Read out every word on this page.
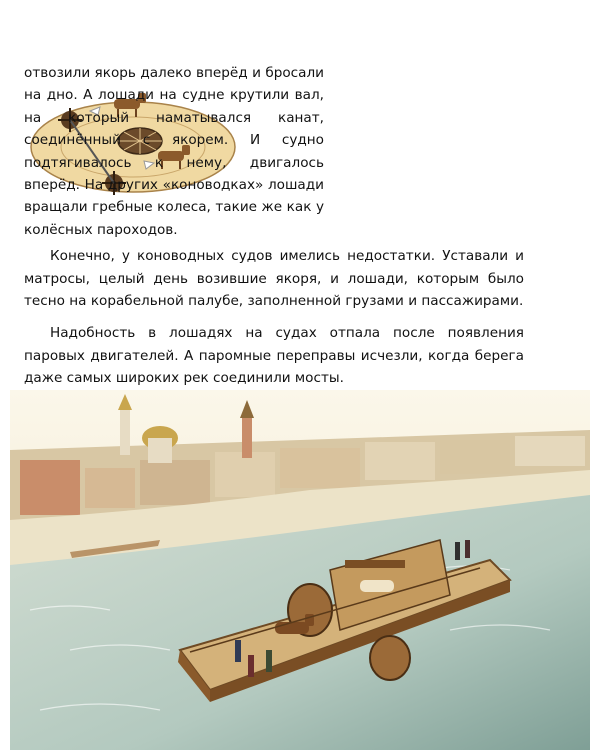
отвозили якорь далеко вперёд и бросали на дно. А лошади на судне крутили вал, на который наматывался канат, соединённый с якорем. И судно подтягивалось к нему, двигалось вперёд. На других «коноводках» лошади вращали гребные колеса, такие же как у колёсных пароходов.

Конечно, у коноводных судов имелись недостатки. Уставали и матросы, целый день возившие якоря, и лошади, которым было тесно на корабельной палубе, заполненной грузами и пассажирами.

Надобность в лошадях на судах отпала после появления паровых двигателей. А паромные переправы исчезли, когда берега даже самых широких рек соединили мосты.
